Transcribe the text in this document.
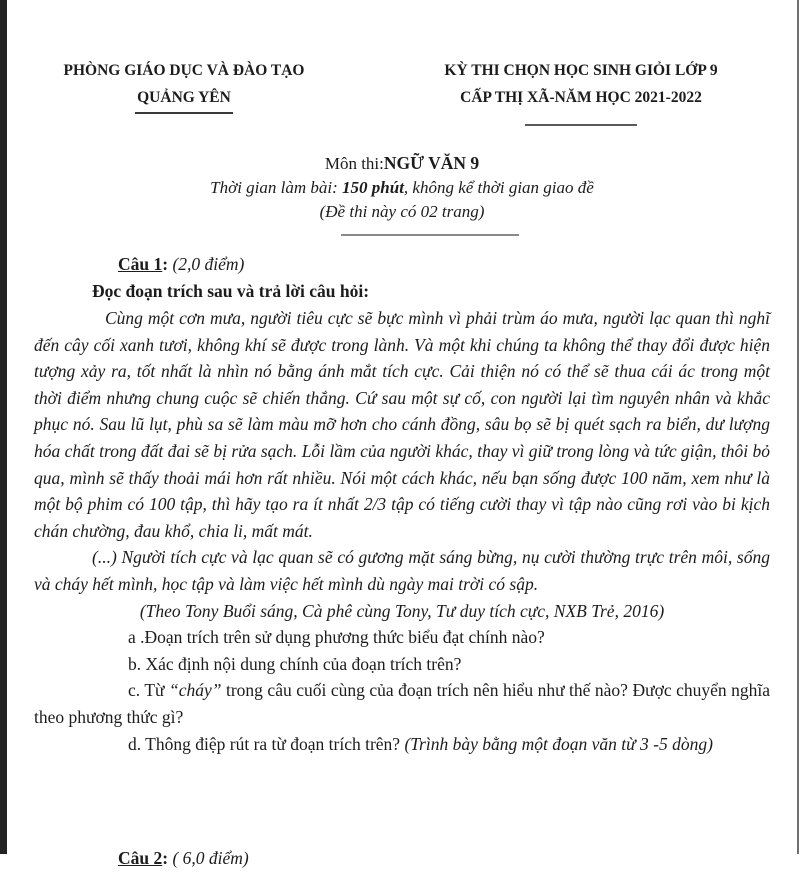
PHÒNG GIÁO DỤC VÀ ĐÀO TẠO
QUẢNG YÊN
KỲ THI CHỌN HỌC SINH GIỎI LỚP 9
CẤP THỊ XÃ-NĂM HỌC 2021-2022
Môn thi:NGỮ VĂN 9
Thời gian làm bài: 150 phút, không kể thời gian giao đề
(Đề thi này có 02 trang)
Câu 1: (2,0 điểm)
Đọc đoạn trích sau và trả lời câu hỏi:

Cùng một cơn mưa, người tiêu cực sẽ bực mình vì phải trùm áo mưa, người lạc quan thì nghĩ đến cây cối xanh tươi, không khí sẽ được trong lành. Và một khi chúng ta không thể thay đổi được hiện tượng xảy ra, tốt nhất là nhìn nó bằng ánh mắt tích cực. Cải thiện nó có thể sẽ thua cái ác trong một thời điểm nhưng chung cuộc sẽ chiến thắng. Cứ sau một sự cố, con người lại tìm nguyên nhân và khắc phục nó. Sau lũ lụt, phù sa sẽ làm màu mỡ hơn cho cánh đồng, sâu bọ sẽ bị quét sạch ra biển, dư lượng hóa chất trong đất đai sẽ bị rửa sạch. Lỗi lầm của người khác, thay vì giữ trong lòng và tức giận, thôi bỏ qua, mình sẽ thấy thoải mái hơn rất nhiều. Nói một cách khác, nếu bạn sống được 100 năm, xem như là một bộ phim có 100 tập, thì hãy tạo ra ít nhất 2/3 tập có tiếng cười thay vì tập nào cũng rơi vào bi kịch chán chường, đau khổ, chia li, mất mát.

(...) Người tích cực và lạc quan sẽ có gương mặt sáng bừng, nụ cười thường trực trên môi, sống và cháy hết mình, học tập và làm việc hết mình dù ngày mai trời có sập.

(Theo Tony Buổi sáng, Cà phê cùng Tony, Tư duy tích cực, NXB Trẻ, 2016)

a .Đoạn trích trên sử dụng phương thức biểu đạt chính nào?

b. Xác định nội dung chính của đoạn trích trên?

c. Từ “cháy” trong câu cuối cùng của đoạn trích nên hiểu như thế nào? Được chuyển nghĩa theo phương thức gì?

d. Thông điệp rút ra từ đoạn trích trên? (Trình bày bằng một đoạn văn từ 3 -5 dòng)

Câu 2: ( 6,0 điểm)
